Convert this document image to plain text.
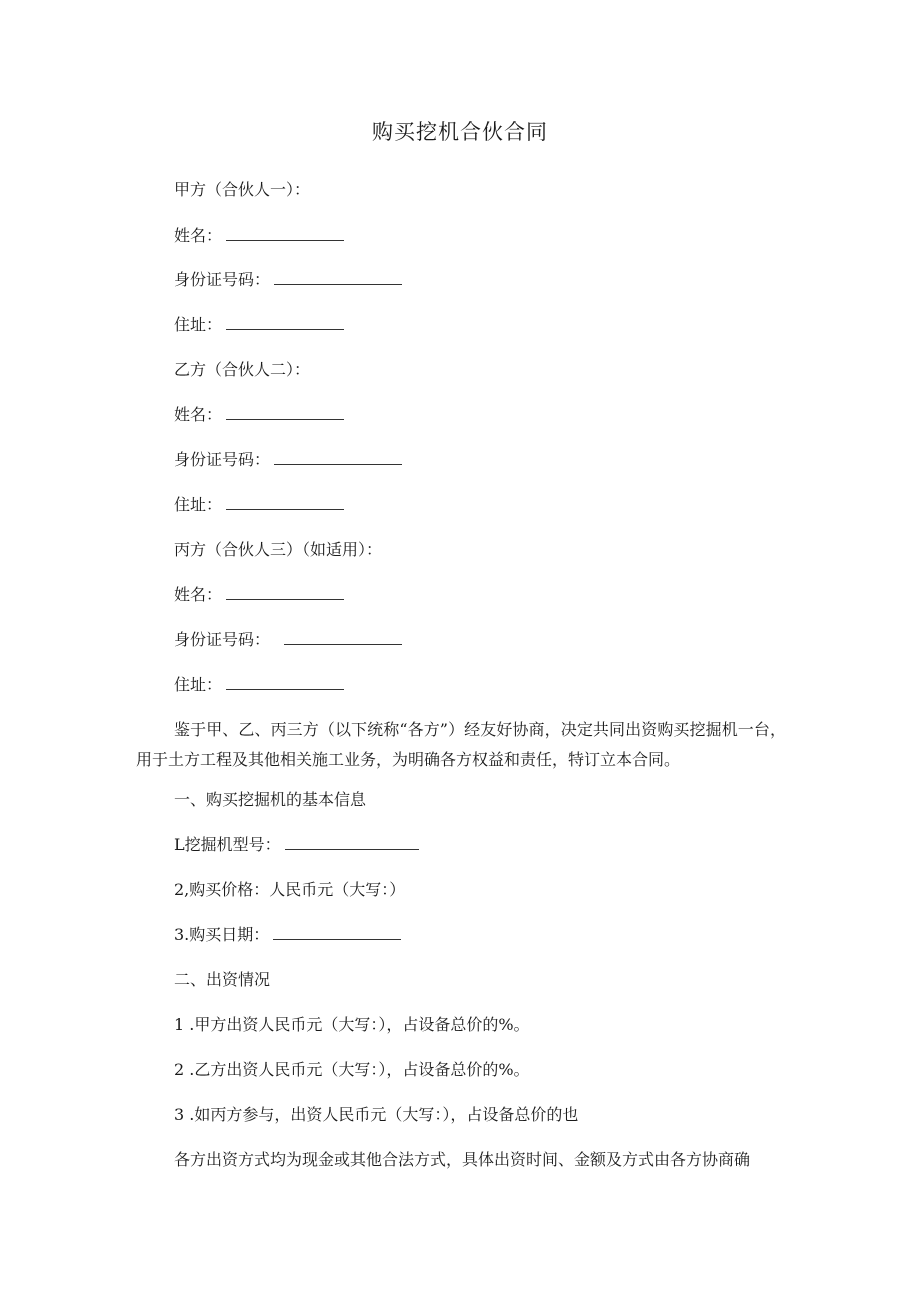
购买挖机合伙合同
甲方（合伙人一）：
姓名：
身份证号码：
住址：
乙方（合伙人二）：
姓名：
身份证号码：
住址：
丙方（合伙人三）（如适用）：
姓名：
身份证号码：
住址：

鉴于甲、乙、丙三方（以下统称“各方”）经友好协商，决定共同出资购买挖掘机一台，用于土方工程及其他相关施工业务，为明确各方权益和责任，特订立本合同。

一、购买挖掘机的基本信息
L挖掘机型号：
2,购买价格：人民币元（大写：）
3.购买日期：
二、出资情况
1 .甲方出资人民币元（大写：），占设备总价的%。
2 .乙方出资人民币元（大写：），占设备总价的%。
3 .如丙方参与，出资人民币元（大写：），占设备总价的也
各方出资方式均为现金或其他合法方式，具体出资时间、金额及方式由各方协商确
